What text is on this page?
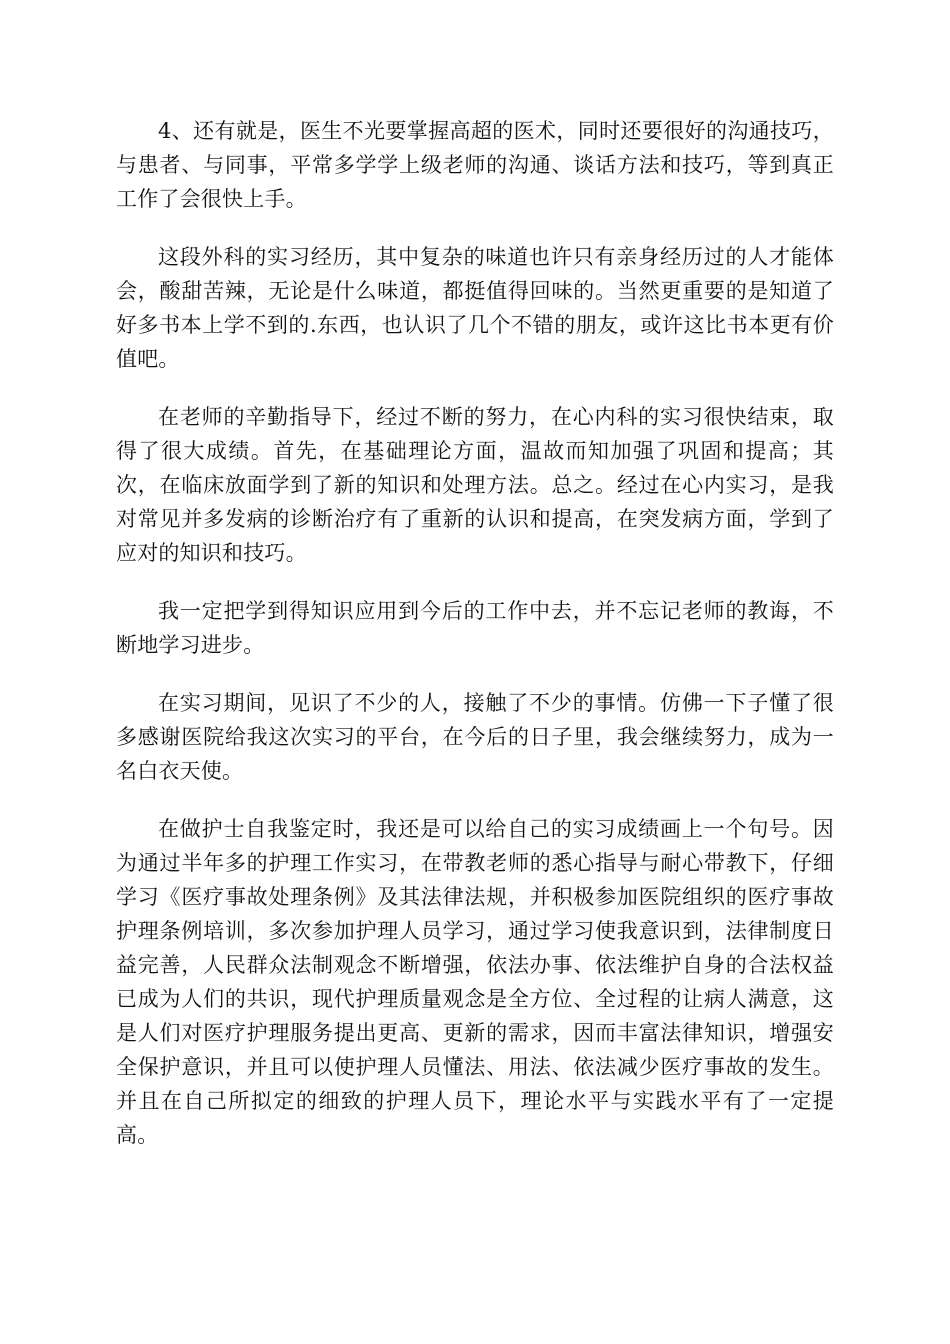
4、还有就是，医生不光要掌握高超的医术，同时还要很好的沟通技巧，与患者、与同事，平常多学学上级老师的沟通、谈话方法和技巧，等到真正工作了会很快上手。

这段外科的实习经历，其中复杂的味道也许只有亲身经历过的人才能体会，酸甜苦辣，无论是什么味道，都挺值得回味的。当然更重要的是知道了好多书本上学不到的.东西，也认识了几个不错的朋友，或许这比书本更有价值吧。

在老师的辛勤指导下，经过不断的努力，在心内科的实习很快结束，取得了很大成绩。首先，在基础理论方面，温故而知加强了巩固和提高；其次，在临床放面学到了新的知识和处理方法。总之。经过在心内实习，是我对常见并多发病的诊断治疗有了重新的认识和提高，在突发病方面，学到了应对的知识和技巧。

我一定把学到得知识应用到今后的工作中去，并不忘记老师的教诲，不断地学习进步。

在实习期间，见识了不少的人，接触了不少的事情。仿佛一下子懂了很多感谢医院给我这次实习的平台，在今后的日子里，我会继续努力，成为一名白衣天使。

在做护士自我鉴定时，我还是可以给自己的实习成绩画上一个句号。因为通过半年多的护理工作实习，在带教老师的悉心指导与耐心带教下，仔细学习《医疗事故处理条例》及其法律法规，并积极参加医院组织的医疗事故护理条例培训，多次参加护理人员学习，通过学习使我意识到，法律制度日益完善，人民群众法制观念不断增强，依法办事、依法维护自身的合法权益已成为人们的共识，现代护理质量观念是全方位、全过程的让病人满意，这是人们对医疗护理服务提出更高、更新的需求，因而丰富法律知识，增强安全保护意识，并且可以使护理人员懂法、用法、依法减少医疗事故的发生。并且在自己所拟定的细致的护理人员下，理论水平与实践水平有了一定提高。
